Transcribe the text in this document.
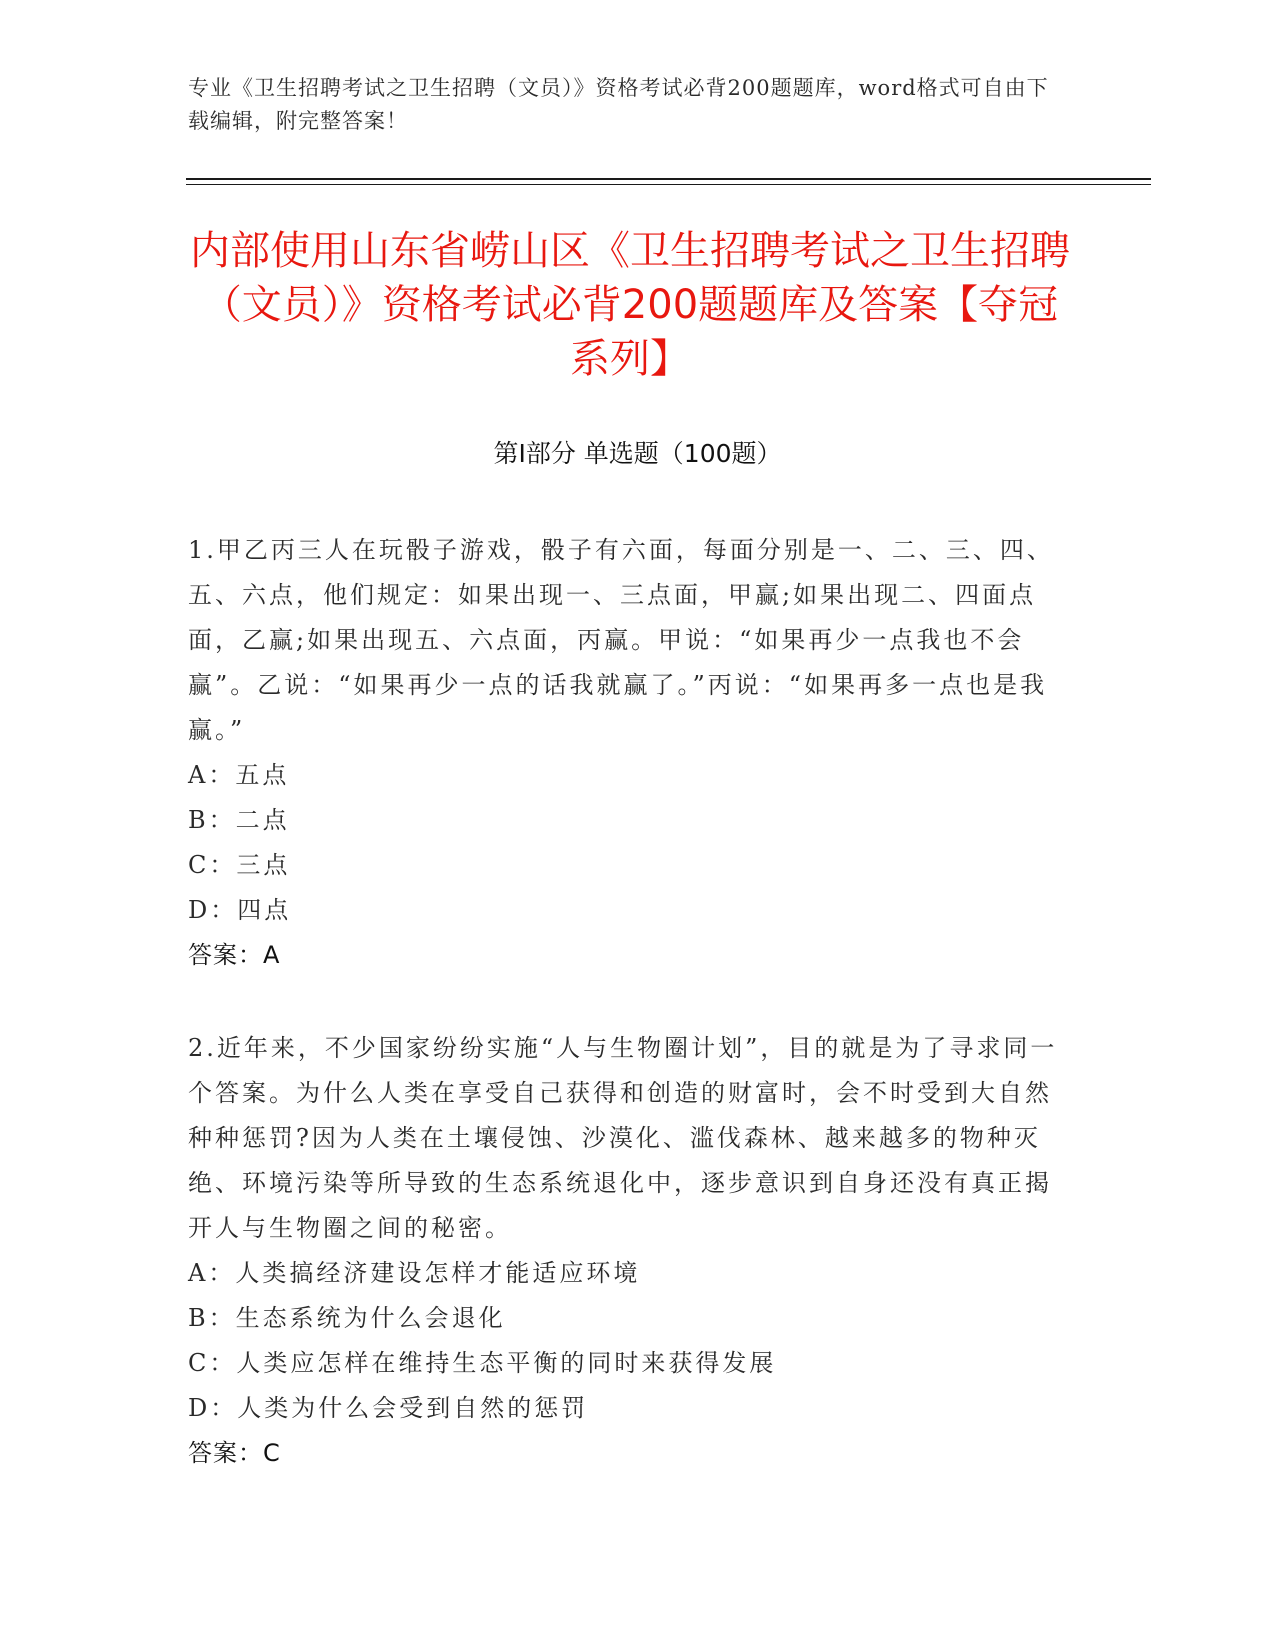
专业《卫生招聘考试之卫生招聘（文员）》资格考试必背200题题库，word格式可自由下载编辑，附完整答案！
内部使用山东省崂山区《卫生招聘考试之卫生招聘（文员）》资格考试必背200题题库及答案【夺冠系列】
第I部分 单选题（100题）
1.甲乙丙三人在玩骰子游戏，骰子有六面，每面分别是一、二、三、四、五、六点，他们规定：如果出现一、三点面，甲赢;如果出现二、四面点面，乙赢;如果出现五、六点面，丙赢。甲说：“如果再少一点我也不会赢”。乙说：“如果再少一点的话我就赢了。”丙说：“如果再多一点也是我赢。”
A：五点
B：二点
C：三点
D：四点
答案：A
2.近年来，不少国家纷纷实施“人与生物圈计划”，目的就是为了寻求同一个答案。为什么人类在享受自己获得和创造的财富时，会不时受到大自然种种惩罚?因为人类在土壤侵蚀、沙漠化、滥伐森林、越来越多的物种灭绝、环境污染等所导致的生态系统退化中，逐步意识到自身还没有真正揭开人与生物圈之间的秘密。
A：人类搞经济建设怎样才能适应环境
B：生态系统为什么会退化
C：人类应怎样在维持生态平衡的同时来获得发展
D：人类为什么会受到自然的惩罚
答案：C
